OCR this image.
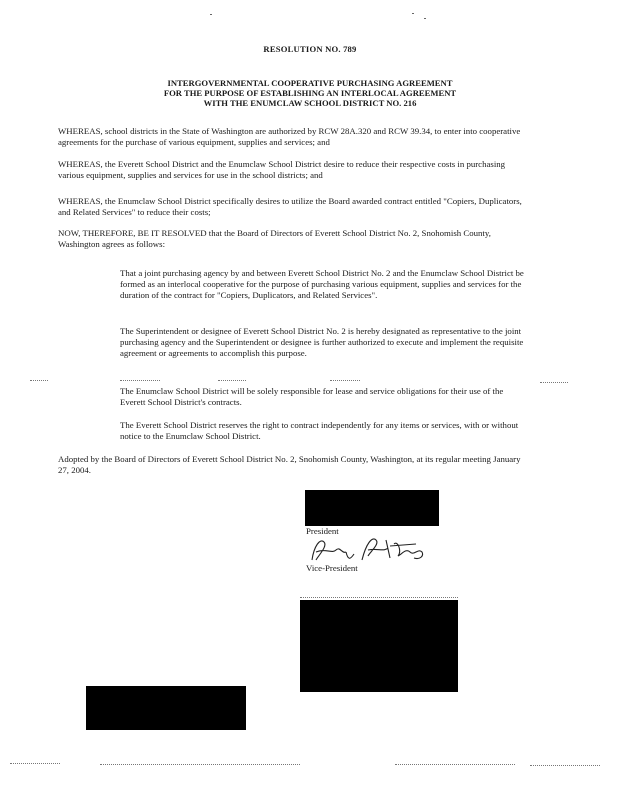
RESOLUTION NO. 789
INTERGOVERNMENTAL COOPERATIVE PURCHASING AGREEMENT
FOR THE PURPOSE OF ESTABLISHING AN INTERLOCAL AGREEMENT
WITH THE ENUMCLAW SCHOOL DISTRICT NO. 216

WHEREAS, school districts in the State of Washington are authorized by RCW 28A.320 and RCW 39.34, to enter into cooperative agreements for the purchase of various equipment, supplies and services; and

WHEREAS, the Everett School District and the Enumclaw School District desire to reduce their respective costs in purchasing various equipment, supplies and services for use in the school districts; and

WHEREAS, the Enumclaw School District specifically desires to utilize the Board awarded contract entitled "Copiers, Duplicators, and Related Services" to reduce their costs;

NOW, THEREFORE, BE IT RESOLVED that the Board of Directors of Everett School District No. 2, Snohomish County, Washington agrees as follows:

That a joint purchasing agency by and between Everett School District No. 2 and the Enumclaw School District be formed as an interlocal cooperative for the purpose of purchasing various equipment, supplies and services for the duration of the contract for "Copiers, Duplicators, and Related Services".

The Superintendent or designee of Everett School District No. 2 is hereby designated as representative to the joint purchasing agency and the Superintendent or designee is further authorized to execute and implement the requisite agreement or agreements to accomplish this purpose.

The Enumclaw School District will be solely responsible for lease and service obligations for their use of the Everett School District's contracts.

The Everett School District reserves the right to contract independently for any items or services, with or without notice to the Enumclaw School District.

Adopted by the Board of Directors of Everett School District No. 2, Snohomish County, Washington, at its regular meeting January 27, 2004.

President
Vice-President
